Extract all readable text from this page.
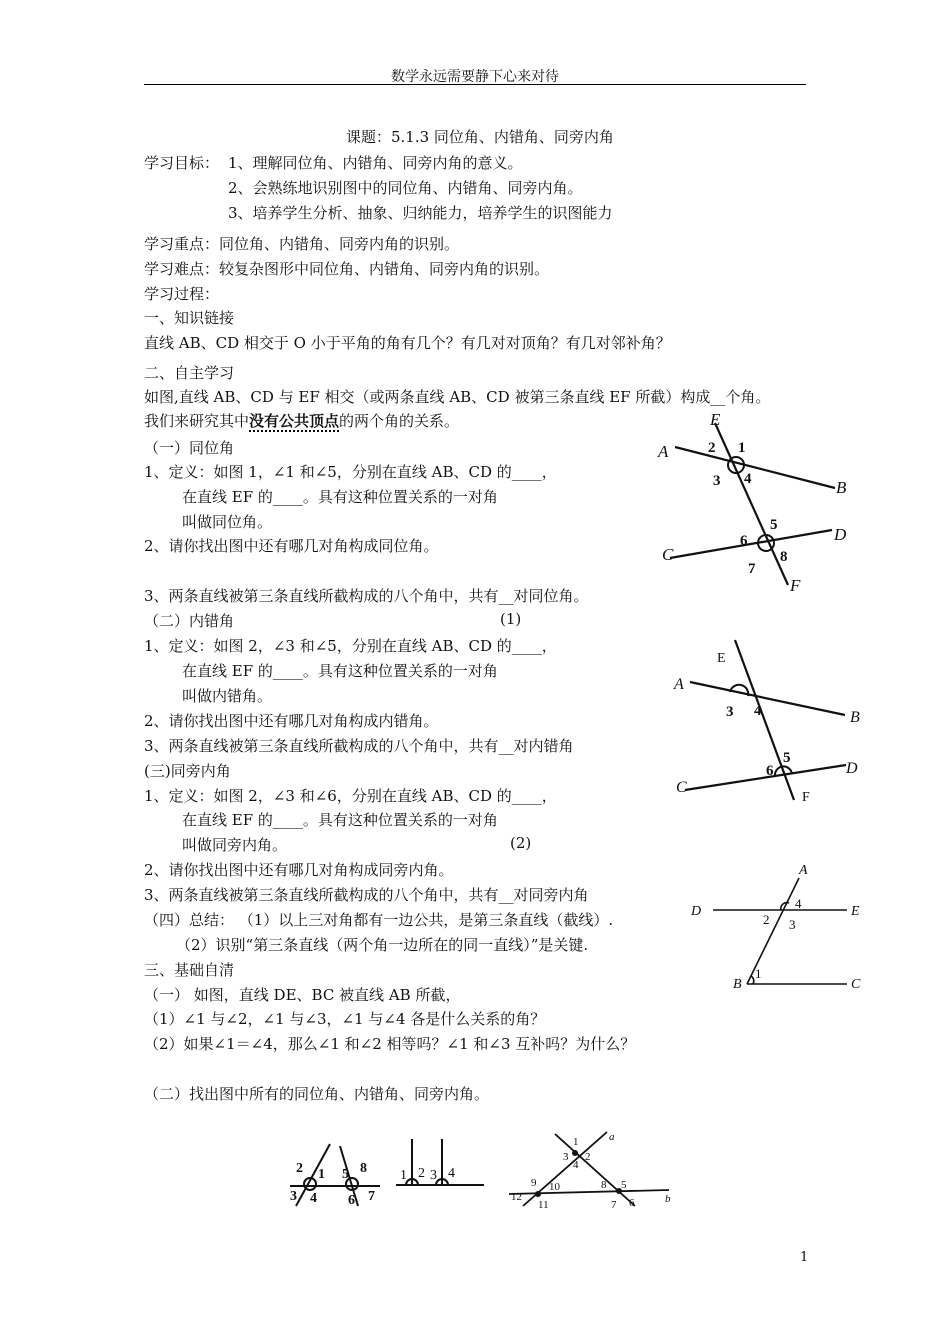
数学永远需要静下心来对待
课题：5.1.3 同位角、内错角、同旁内角
学习目标： 1、理解同位角、内错角、同旁内角的意义。
2、会熟练地识别图中的同位角、内错角、同旁内角。
3、培养学生分析、抽象、归纳能力，培养学生的识图能力
学习重点：同位角、内错角、同旁内角的识别。
学习难点：较复杂图形中同位角、内错角、同旁内角的识别。
学习过程：
一、知识链接
直线 AB、CD 相交于 O 小于平角的角有几个？有几对对顶角？有几对邻补角？
二、自主学习
如图,直线 AB、CD 与 EF 相交（或两条直线 AB、CD 被第三条直线 EF 所截）构成__个角。
我们来研究其中没有公共顶点的两个角的关系。
（一）同位角
1、定义：如图 1，∠1 和∠5，分别在直线 AB、CD 的____，
在直线 EF 的____。具有这种位置关系的一对角
叫做同位角。
2、请你找出图中还有哪几对角构成同位角。
3、两条直线被第三条直线所截构成的八个角中，共有__对同位角。
（二）内错角	(1)
1、定义：如图 2，∠3 和∠5，分别在直线 AB、CD 的____，
在直线 EF 的____。具有这种位置关系的一对角
叫做内错角。
2、请你找出图中还有哪几对角构成内错角。
3、两条直线被第三条直线所截构成的八个角中，共有__对内错角
(三)同旁内角
1、定义：如图 2，∠3 和∠6，分别在直线 AB、CD 的____，
在直线 EF 的____。具有这种位置关系的一对角
叫做同旁内角。	(2)
2、请你找出图中还有哪几对角构成同旁内角。
3、两条直线被第三条直线所截构成的八个角中，共有__对同旁内角
（四）总结： （1）以上三对角都有一边公共，是第三条直线（截线）.
（2）识别“第三条直线（两个角一边所在的同一直线）”是关键.
三、基础自清
（一） 如图，直线 DE、BC 被直线 AB 所截，
（1）∠1 与∠2，∠1 与∠3，∠1 与∠4 各是什么关系的角？
（2）如果∠1＝∠4，那么∠1 和∠2 相等吗？∠1 和∠3 互补吗？为什么？
（二）找出图中所有的同位角、内错角、同旁内角。
E
A
B
C
D
F
2 1
3 4
6
5
7
8
E
A
B
C
D
F
3 4
6
5
A
D	E
B	C
4
2 3
1
2 1
3 4
5 8
6 7
1 2 3 4
a
b
1
2
3
4
5
6
7
8
9 10
11
12
1
